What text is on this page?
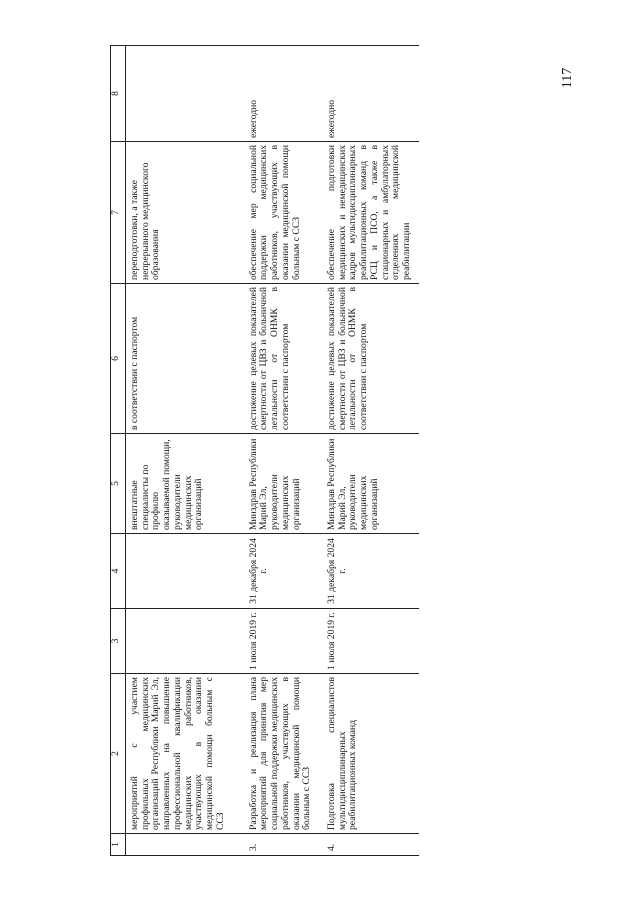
117
1	2	3	4	5	6	7	8
	мероприятий с участием профильных медицинских организаций Республики Марий Эл, направленных на повышение профессиональной квалификации медицинских работников, участвующих в оказании медицинской помощи больным с ССЗ			внештатные специалисты по профилю оказываемой помощи, руководители медицинских организаций	в соответствии с паспортом	переподготовки, а также непрерывного медицинского образования	
3.	Разработка и реализация плана мероприятий для принятия мер социальной поддержки медицинских работников, участвующих в оказании медицинской помощи больным с ССЗ	1 июля 2019 г.	31 декабря 2024 г.	Минздрав Республики Марий Эл, руководители медицинских организаций	достижение целевых показателей смертности от ЦВЗ и больничной летальности от ОНМК в соответствии с паспортом	обеспечение мер социальной поддержки медицинских работников, участвующих в оказании медицинской помощи больным с ССЗ	ежегодно
4.	Подготовка специалистов мультидисциплинарных реабилитационных команд	1 июля 2019 г.	31 декабря 2024 г.	Минздрав Республики Марий Эл, руководители медицинских организаций	достижение целевых показателей смертности от ЦВЗ и больничной летальности от ОНМК в соответствии с паспортом	обеспечение подготовки медицинских и немедицинских кадров мультидисциплинарных реабилитационных команд в РСЦ и ПСО, а также в стационарных и амбулаторных отделениях медицинской реабилитации	ежегодно
